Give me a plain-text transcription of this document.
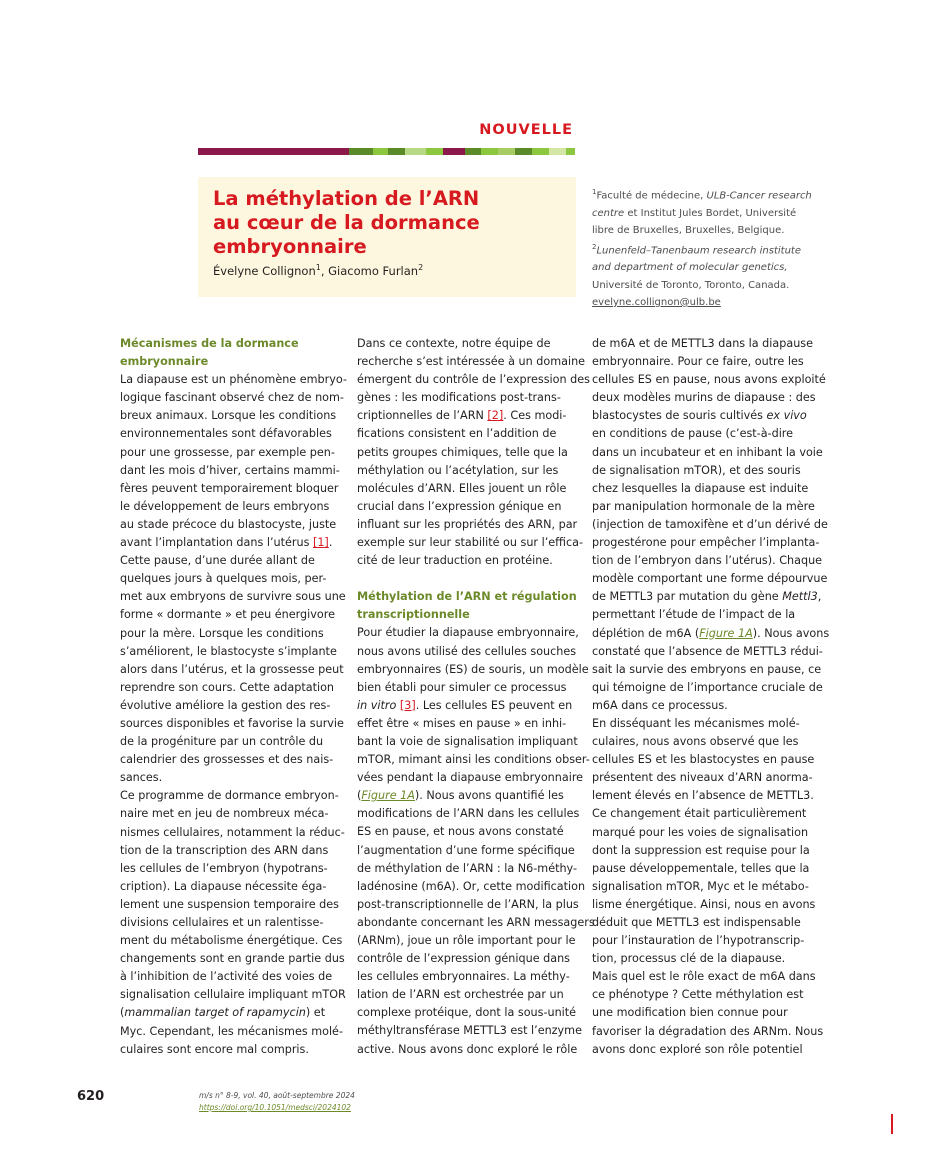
NOUVELLE
La méthylation de l’ARN
au cœur de la dormance
embryonnaire
Évelyne Collignon$^1$, Giacomo Furlan$^2$
$^1$Faculté de médecine, ULB-Cancer research
centre et Institut Jules Bordet, Université
libre de Bruxelles, Bruxelles, Belgique.
$^2$Lunenfeld–Tanenbaum research institute
and department of molecular genetics,
Université de Toronto, Toronto, Canada.
evelyne.collignon@ulb.be
Mécanismes de la dormance
embryonnaire
La diapause est un phénomène embryo-
logique fascinant observé chez de nom-
breux animaux. Lorsque les conditions
environnementales sont défavorables
pour une grossesse, par exemple pen-
dant les mois d’hiver, certains mammi-
fères peuvent temporairement bloquer
le développement de leurs embryons
au stade précoce du blastocyste, juste
avant l’implantation dans l’utérus [1].
Cette pause, d’une durée allant de
quelques jours à quelques mois, per-
met aux embryons de survivre sous une
forme « dormante » et peu énergivore
pour la mère. Lorsque les conditions
s’améliorent, le blastocyste s’implante
alors dans l’utérus, et la grossesse peut
reprendre son cours. Cette adaptation
évolutive améliore la gestion des res-
sources disponibles et favorise la survie
de la progéniture par un contrôle du
calendrier des grossesses et des nais-
sances.
Ce programme de dormance embryon-
naire met en jeu de nombreux méca-
nismes cellulaires, notamment la réduc-
tion de la transcription des ARN dans
les cellules de l’embryon (hypotrans-
cription). La diapause nécessite éga-
lement une suspension temporaire des
divisions cellulaires et un ralentisse-
ment du métabolisme énergétique. Ces
changements sont en grande partie dus
à l’inhibition de l’activité des voies de
signalisation cellulaire impliquant mTOR
(mammalian target of rapamycin) et
Myc. Cependant, les mécanismes molé-
culaires sont encore mal compris.
Dans ce contexte, notre équipe de
recherche s’est intéressée à un domaine
émergent du contrôle de l’expression des
gènes : les modifications post-trans-
criptionnelles de l’ARN [2]. Ces modi-
fications consistent en l’addition de
petits groupes chimiques, telle que la
méthylation ou l’acétylation, sur les
molécules d’ARN. Elles jouent un rôle
crucial dans l’expression génique en
influant sur les propriétés des ARN, par
exemple sur leur stabilité ou sur l’effica-
cité de leur traduction en protéine.
Méthylation de l’ARN et régulation
transcriptionnelle
Pour étudier la diapause embryonnaire,
nous avons utilisé des cellules souches
embryonnaires (ES) de souris, un modèle
bien établi pour simuler ce processus
in vitro [3]. Les cellules ES peuvent en
effet être « mises en pause » en inhi-
bant la voie de signalisation impliquant
mTOR, mimant ainsi les conditions obser-
vées pendant la diapause embryonnaire
(Figure 1A). Nous avons quantifié les
modifications de l’ARN dans les cellules
ES en pause, et nous avons constaté
l’augmentation d’une forme spécifique
de méthylation de l’ARN : la N6-méthy-
ladénosine (m6A). Or, cette modification
post-transcriptionnelle de l’ARN, la plus
abondante concernant les ARN messagers
(ARNm), joue un rôle important pour le
contrôle de l’expression génique dans
les cellules embryonnaires. La méthy-
lation de l’ARN est orchestrée par un
complexe protéique, dont la sous-unité
méthyltransférase METTL3 est l’enzyme
active. Nous avons donc exploré le rôle
de m6A et de METTL3 dans la diapause
embryonnaire. Pour ce faire, outre les
cellules ES en pause, nous avons exploité
deux modèles murins de diapause : des
blastocystes de souris cultivés ex vivo
en conditions de pause (c’est-à-dire
dans un incubateur et en inhibant la voie
de signalisation mTOR), et des souris
chez lesquelles la diapause est induite
par manipulation hormonale de la mère
(injection de tamoxifène et d’un dérivé de
progestérone pour empêcher l’implanta-
tion de l’embryon dans l’utérus). Chaque
modèle comportant une forme dépourvue
de METTL3 par mutation du gène Mettl3,
permettant l’étude de l’impact de la
déplétion de m6A (Figure 1A). Nous avons
constaté que l’absence de METTL3 rédui-
sait la survie des embryons en pause, ce
qui témoigne de l’importance cruciale de
m6A dans ce processus.
En disséquant les mécanismes molé-
culaires, nous avons observé que les
cellules ES et les blastocystes en pause
présentent des niveaux d’ARN anorma-
lement élevés en l’absence de METTL3.
Ce changement était particulièrement
marqué pour les voies de signalisation
dont la suppression est requise pour la
pause développementale, telles que la
signalisation mTOR, Myc et le métabo-
lisme énergétique. Ainsi, nous en avons
déduit que METTL3 est indispensable
pour l’instauration de l’hypotranscrip-
tion, processus clé de la diapause.
Mais quel est le rôle exact de m6A dans
ce phénotype ? Cette méthylation est
une modification bien connue pour
favoriser la dégradation des ARNm. Nous
avons donc exploré son rôle potentiel
620	m/s n° 8-9, vol. 40, août-septembre 2024
https://doi.org/10.1051/medsci/2024102
